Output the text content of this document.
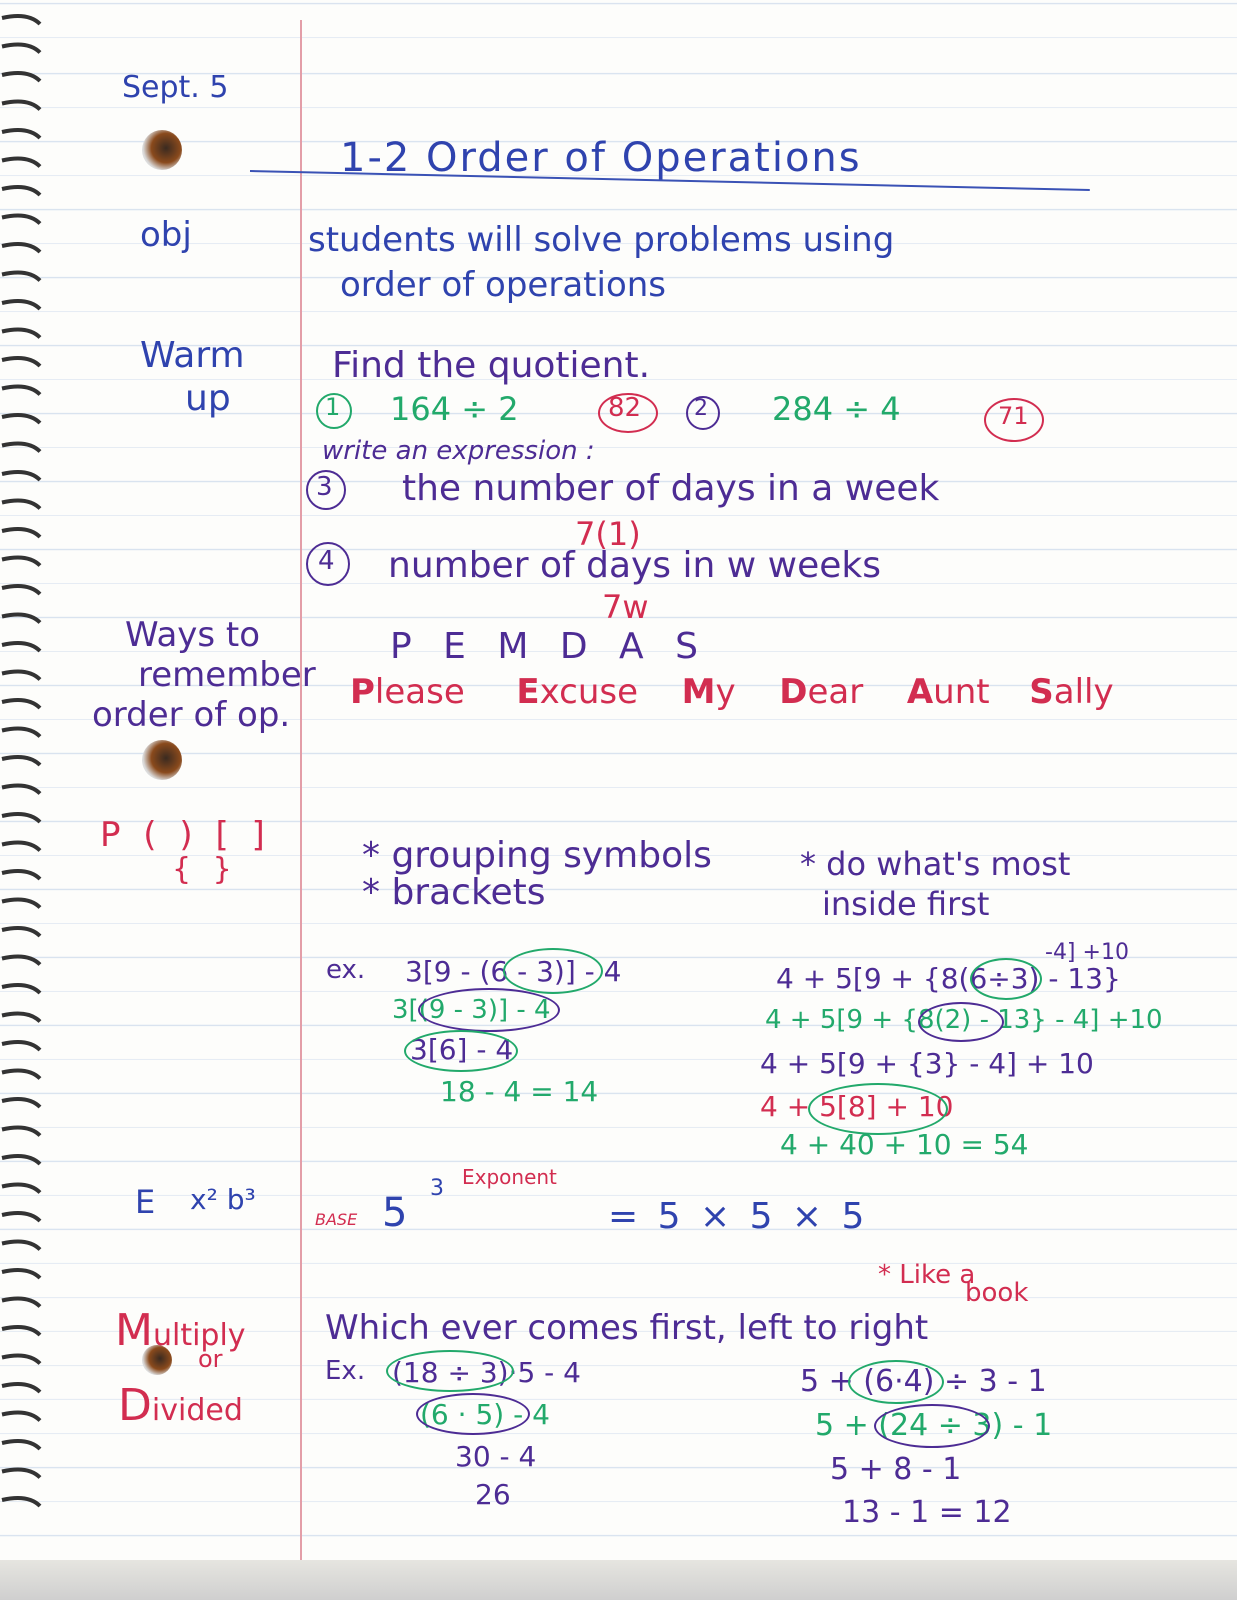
Sept. 5
1-2 Order of Operations
obj	students will solve problems using
order of operations
Warm
up
Find the quotient.
1 164 ÷ 2	82 2 284 ÷ 4	71
write an expression :
3 the number of days in a week
7(1)
4 number of days in w weeks
7w
Ways to
remember
order of op.
P E M D A S
Please Excuse My Dear Aunt Sally
P ( ) [ ]
{ }	* grouping symbols
* brackets
* do what's most
inside first
ex. 3[9 - (6 - 3)] - 4
3[(9 - 3)] - 4
3[6] - 4
18 - 4 = 14
-4] +10
4 + 5[9 + {8(6÷3) - 13}
4 + 5[9 + {8(2) - 13} - 4] +10
4 + 5[9 + {3} - 4] + 10
4 + 5[8] + 10
4 + 40 + 10 = 54
E x² b³
BASE 5
3 Exponent
= 5 × 5 × 5
* Like a
book
Multiply
or
Divided
Which ever comes first, left to right
Ex. (18 ÷ 3)·5 - 4
(6 · 5) - 4
30 - 4
26
5 + (6·4) ÷ 3 - 1
5 + (24 ÷ 3) - 1
5 + 8 - 1
13 - 1 = 12
